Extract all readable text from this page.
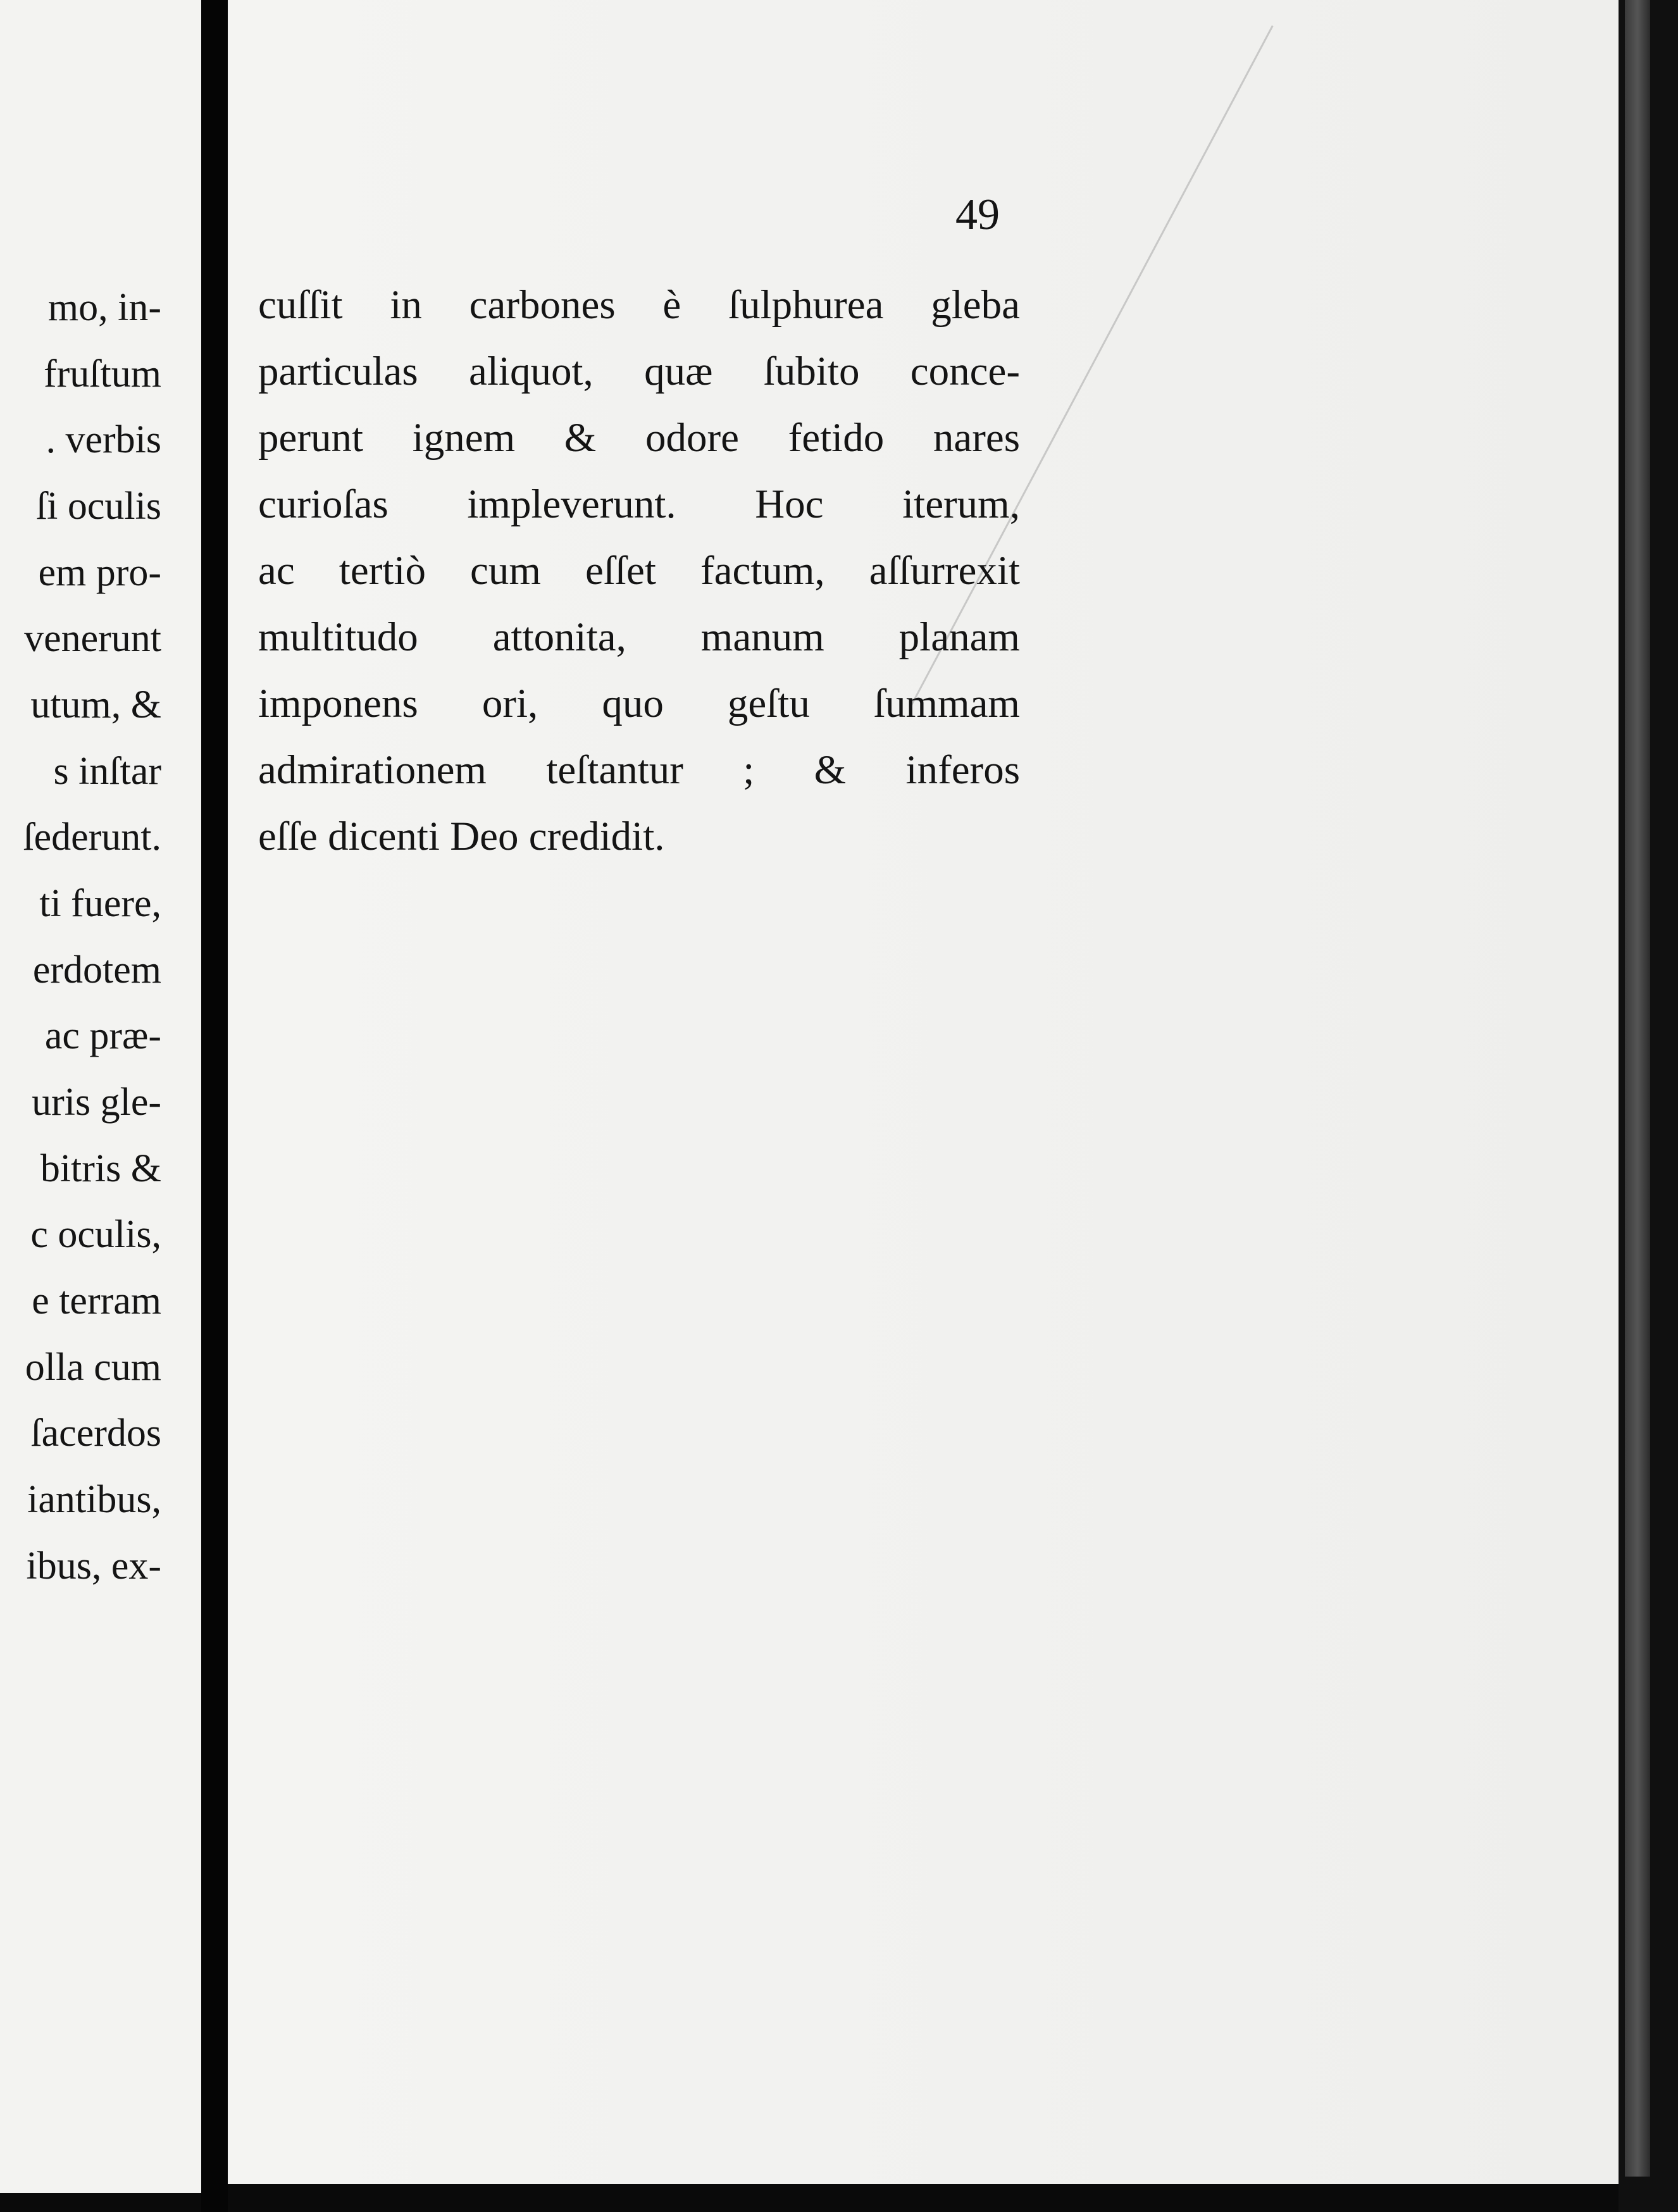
mo, in-
fruſtum
. verbis
ſi oculis
em pro-
venerunt
utum, &
s inſtar
ſederunt.
ti fuere,
erdotem
ac præ-
uris gle-
bitris &
c oculis,
e terram
olla cum
ſacerdos
iantibus,
ibus, ex-
49
cuſſit in carbones è ſulphurea gleba
particulas aliquot, quæ ſubito conce-
perunt ignem & odore fetido nares
curioſas impleverunt. Hoc iterum,
ac tertiò cum eſſet factum, aſſurrexit
multitudo attonita, manum planam
imponens ori, quo geſtu ſummam
admirationem teſtantur ; & inferos
eſſe dicenti Deo credidit.
